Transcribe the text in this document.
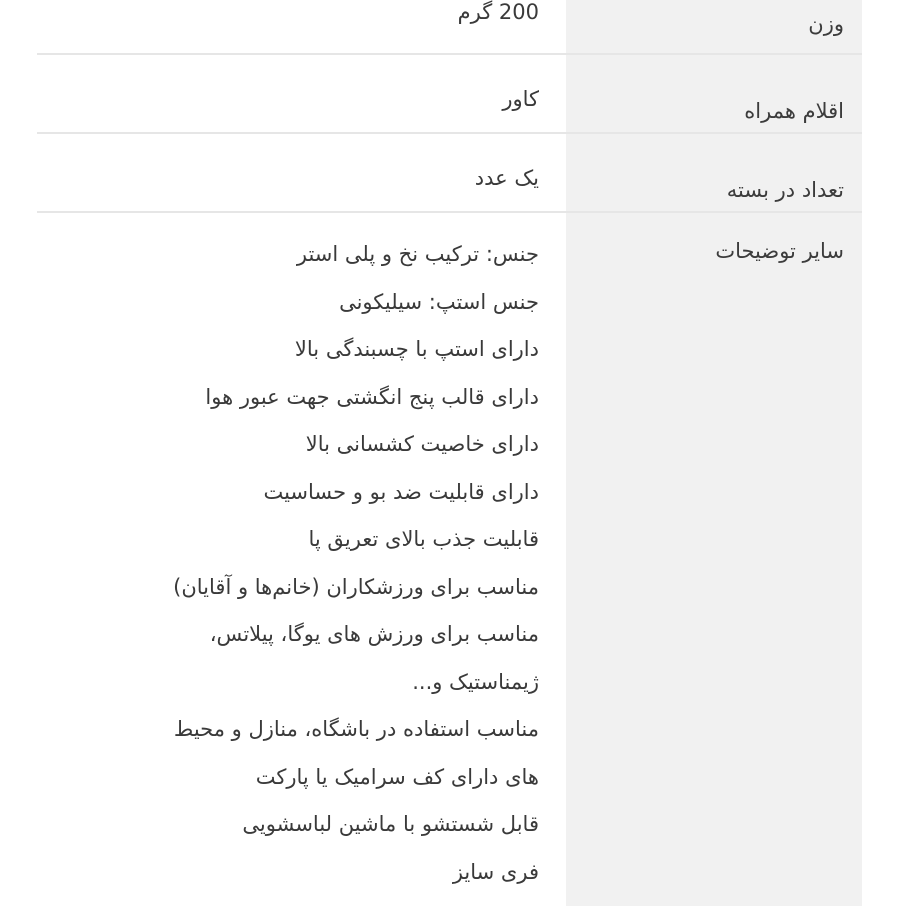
وزن
200 گرم
اقلام همراه
کاور
تعداد در بسته
یک عدد
سایر توضیحات
جنس: ترکیب نخ و پلی استر
جنس استپ: سیلیکونی
دارای استپ با چسبندگی بالا
دارای قالب پنج انگشتی جهت عبور هوا
دارای خاصیت کشسانی بالا
دارای قابلیت ضد بو و حساسیت
قابلیت جذب بالای تعریق پا
مناسب برای ورزشکاران (خانم‌ها و آقایان)
مناسب برای ورزش های یوگا، پیلاتس،
ژیمناستیک و...
مناسب استفاده در باشگاه، منازل و محیط
های دارای کف سرامیک یا پارکت
قابل شستشو با ماشین لباسشویی
فری سایز
